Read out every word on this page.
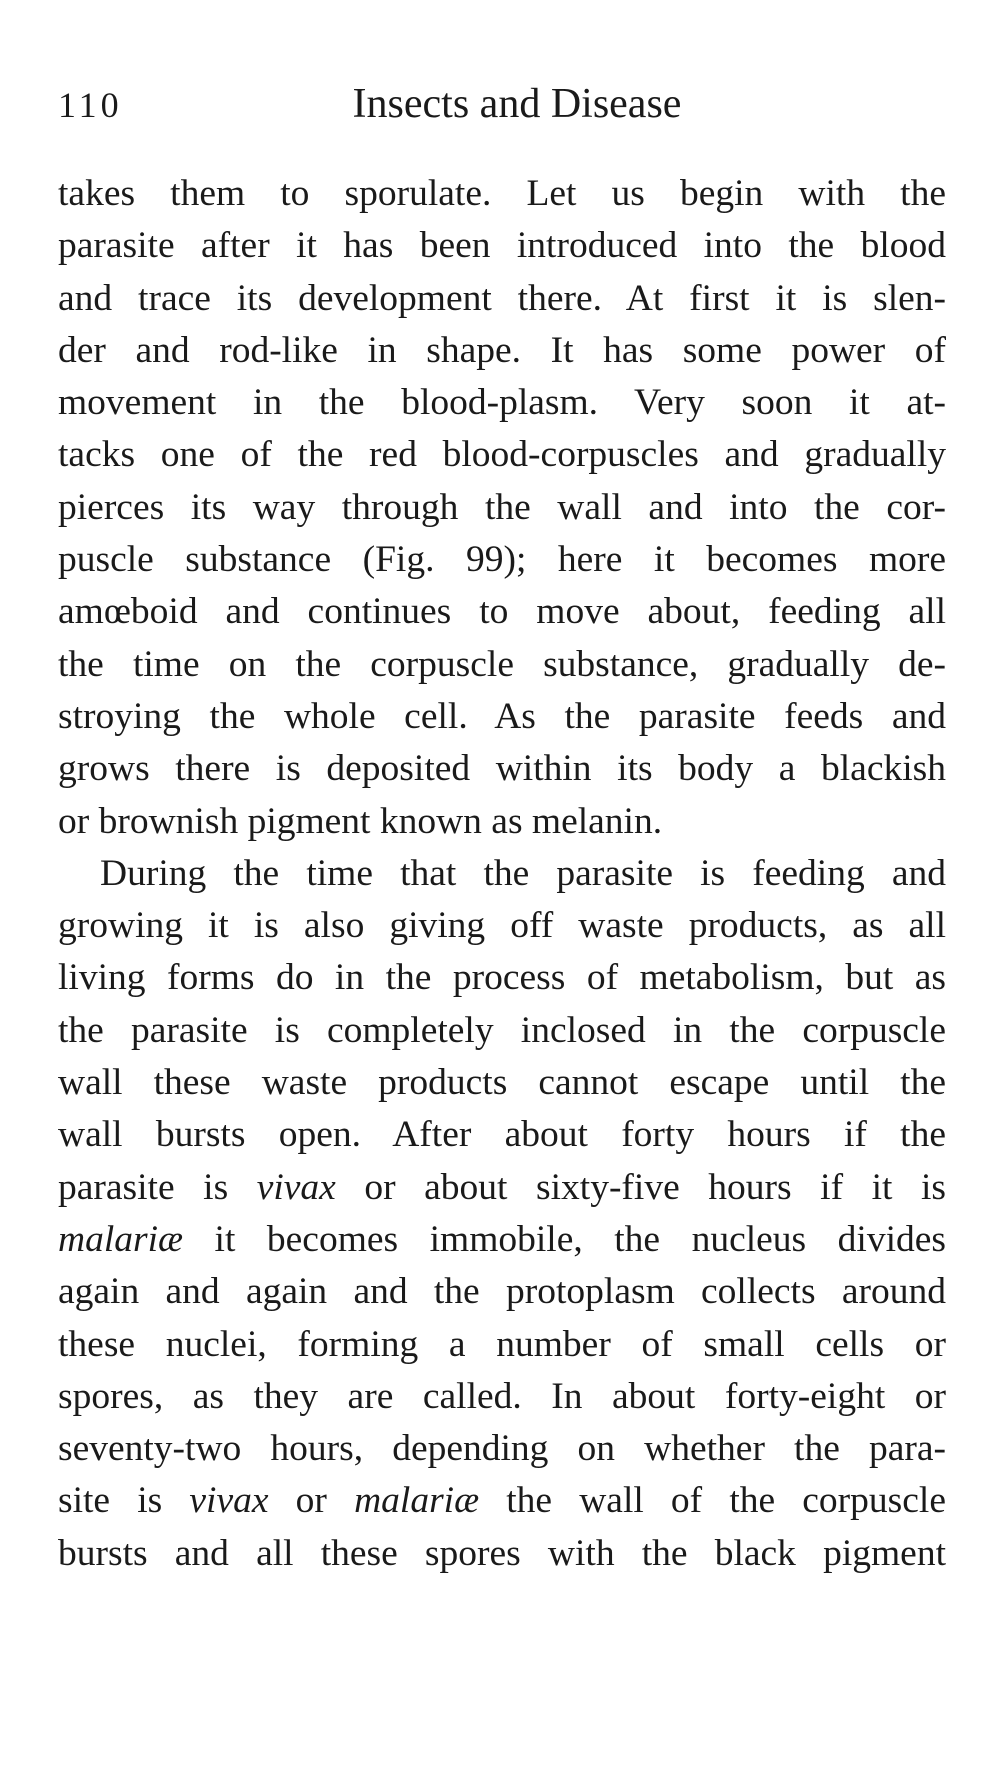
110	Insects and Disease

takes them to sporulate. Let us begin with the
parasite after it has been introduced into the blood
and trace its development there. At first it is slen-
der and rod-like in shape. It has some power of
movement in the blood-plasm. Very soon it at-
tacks one of the red blood-corpuscles and gradually
pierces its way through the wall and into the cor-
puscle substance (Fig. 99); here it becomes more
amœboid and continues to move about, feeding all
the time on the corpuscle substance, gradually de-
stroying the whole cell. As the parasite feeds and
grows there is deposited within its body a blackish
or brownish pigment known as melanin.

During the time that the parasite is feeding and
growing it is also giving off waste products, as all
living forms do in the process of metabolism, but as
the parasite is completely inclosed in the corpuscle
wall these waste products cannot escape until the
wall bursts open. After about forty hours if the
parasite is vivax or about sixty-five hours if it is
malariæ it becomes immobile, the nucleus divides
again and again and the protoplasm collects around
these nuclei, forming a number of small cells or
spores, as they are called. In about forty-eight or
seventy-two hours, depending on whether the para-
site is vivax or malariæ the wall of the corpuscle
bursts and all these spores with the black pigment
